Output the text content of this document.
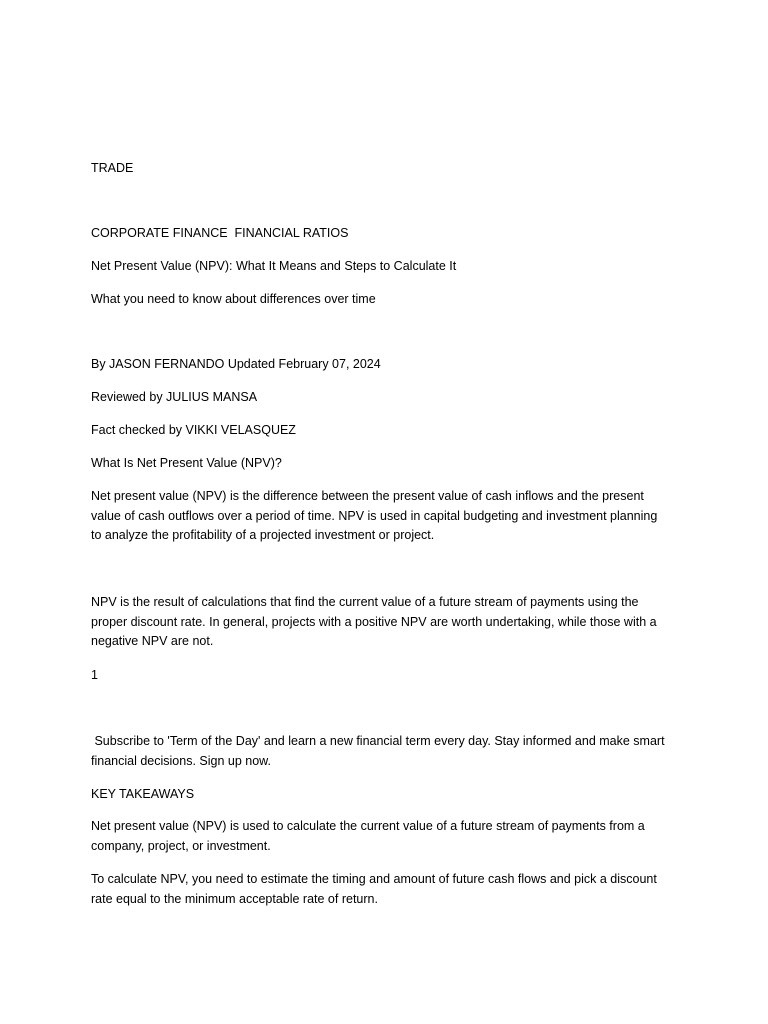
TRADE

CORPORATE FINANCE  FINANCIAL RATIOS

Net Present Value (NPV): What It Means and Steps to Calculate It

What you need to know about differences over time

By JASON FERNANDO Updated February 07, 2024

Reviewed by JULIUS MANSA

Fact checked by VIKKI VELASQUEZ

What Is Net Present Value (NPV)?

Net present value (NPV) is the difference between the present value of cash inflows and the present
value of cash outflows over a period of time. NPV is used in capital budgeting and investment planning
to analyze the profitability of a projected investment or project.
NPV is the result of calculations that find the current value of a future stream of payments using the
proper discount rate. In general, projects with a positive NPV are worth undertaking, while those with a
negative NPV are not.

1

Subscribe to 'Term of the Day' and learn a new financial term every day. Stay informed and make smart
financial decisions. Sign up now.

KEY TAKEAWAYS

Net present value (NPV) is used to calculate the current value of a future stream of payments from a
company, project, or investment.
To calculate NPV, you need to estimate the timing and amount of future cash flows and pick a discount
rate equal to the minimum acceptable rate of return.
